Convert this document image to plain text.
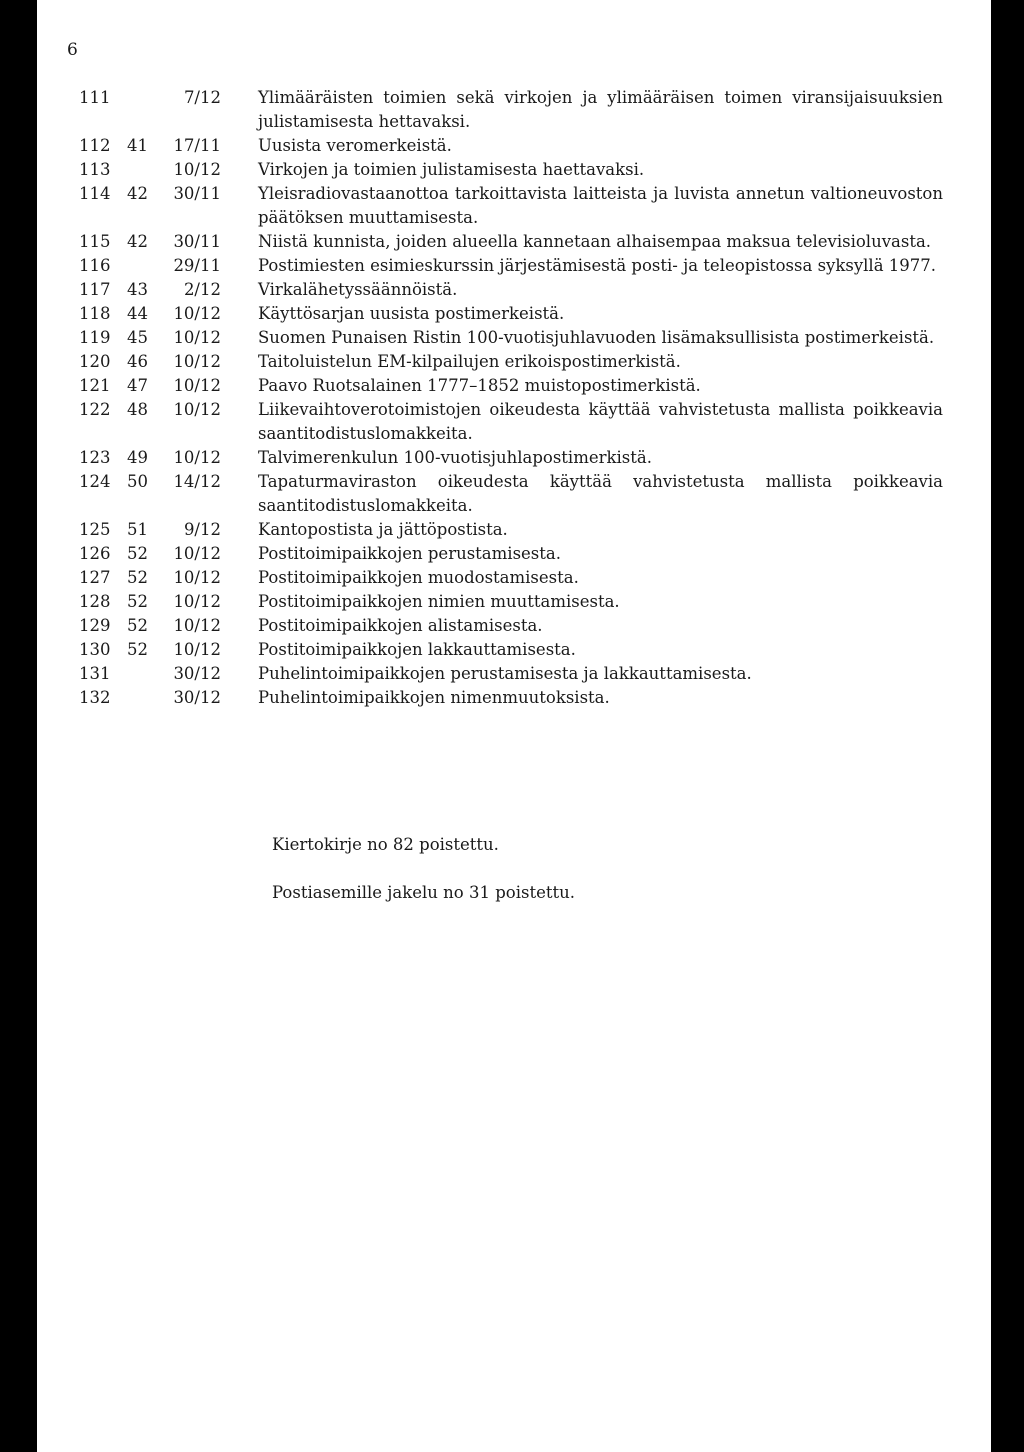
6
111	7/12 Ylimääräisten toimien sekä virkojen ja ylimääräisen toimen viransijaisuuksien julistamisesta hettavaksi.
112	41	17/11 Uusista veromerkeistä.
113	10/12 Virkojen ja toimien julistamisesta haettavaksi.
114	42	30/11 Yleisradiovastaanottoa tarkoittavista laitteista ja luvista annetun valtioneuvoston päätöksen muuttamisesta.
115	42	30/11 Niistä kunnista, joiden alueella kannetaan alhaisempaa maksua televisioluvasta.
116	29/11 Postimiesten esimieskurssin järjestämisestä posti- ja teleopistossa syksyllä 1977.
117	43	2/12 Virkalähetyssäännöistä.
118	44	10/12 Käyttösarjan uusista postimerkeistä.
119	45	10/12 Suomen Punaisen Ristin 100-vuotisjuhlavuoden lisämaksullisista postimerkeistä.
120	46	10/12 Taitoluistelun EM-kilpailujen erikoispostimerkistä.
121	47	10/12 Paavo Ruotsalainen 1777–1852 muistopostimerkistä.
122	48	10/12 Liikevaihtoverotoimistojen oikeudesta käyttää vahvistetusta mallista poikkeavia saantitodistuslomakkeita.
123	49	10/12 Talvimerenkulun 100-vuotisjuhlapostimerkistä.
124	50	14/12 Tapaturmaviraston oikeudesta käyttää vahvistetusta mallista poikkeavia saantitodistuslomakkeita.
125	51	9/12 Kantopostista ja jättöpostista.
126	52	10/12 Postitoimipaikkojen perustamisesta.
127	52	10/12 Postitoimipaikkojen muodostamisesta.
128	52	10/12 Postitoimipaikkojen nimien muuttamisesta.
129	52	10/12 Postitoimipaikkojen alistamisesta.
130	52	10/12 Postitoimipaikkojen lakkauttamisesta.
131	30/12 Puhelintoimipaikkojen perustamisesta ja lakkauttamisesta.
132	30/12 Puhelintoimipaikkojen nimenmuutoksista.

Kiertokirje no 82 poistettu.

Postiasemille jakelu no 31 poistettu.
